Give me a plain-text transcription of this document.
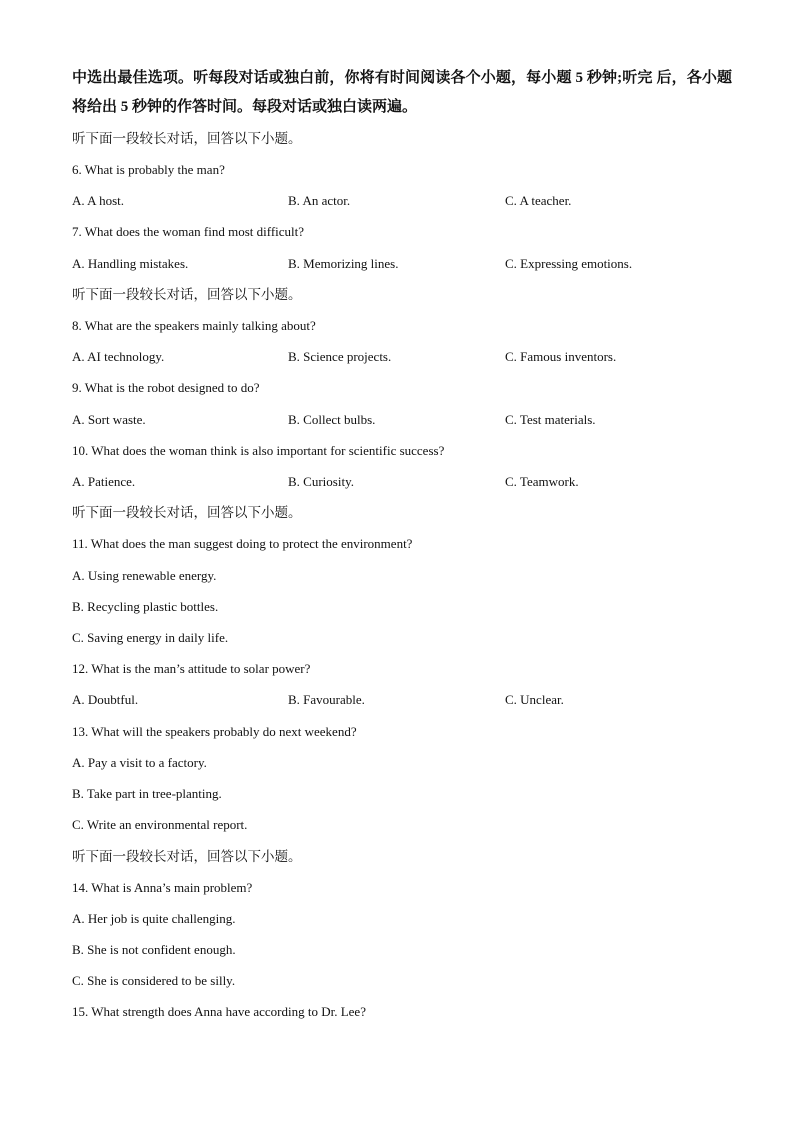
中选出最佳选项。听每段对话或独白前，你将有时间阅读各个小题，每小题 5 秒钟;听完 后，各小题将给出 5 秒钟的作答时间。每段对话或独白读两遍。
听下面一段较长对话，回答以下小题。
6. What is probably the man?
A. A host.	B. An actor.	C. A teacher.
7. What does the woman find most difficult?
A. Handling mistakes.	B. Memorizing lines.	C. Expressing emotions.
听下面一段较长对话，回答以下小题。
8. What are the speakers mainly talking about?
A. AI technology.	B. Science projects.	C. Famous inventors.
9. What is the robot designed to do?
A. Sort waste.	B. Collect bulbs.	C. Test materials.
10. What does the woman think is also important for scientific success?
A. Patience.	B. Curiosity.	C. Teamwork.
听下面一段较长对话，回答以下小题。
11. What does the man suggest doing to protect the environment?
A. Using renewable energy.
B. Recycling plastic bottles.
C. Saving energy in daily life.
12. What is the man’s attitude to solar power?
A. Doubtful.	B. Favourable.	C. Unclear.
13. What will the speakers probably do next weekend?
A. Pay a visit to a factory.
B. Take part in tree-planting.
C. Write an environmental report.
听下面一段较长对话，回答以下小题。
14. What is Anna’s main problem?
A. Her job is quite challenging.
B. She is not confident enough.
C. She is considered to be silly.
15. What strength does Anna have according to Dr. Lee?
